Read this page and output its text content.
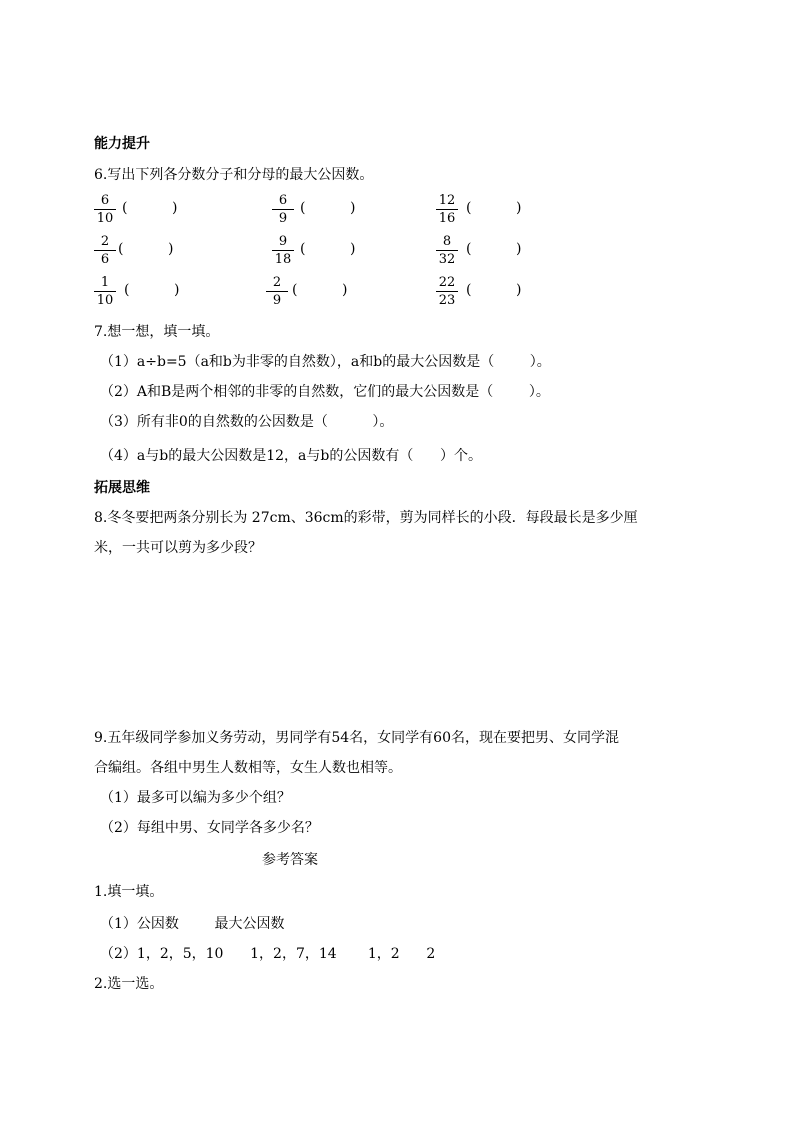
能力提升
6.写出下列各分数分子和分母的最大公因数。
$\frac{6}{10}$ (          )	$\frac{6}{9}$ (          )	$\frac{12}{16}$ (          )
$\frac{2}{6}$ (          )	$\frac{9}{18}$ (          )	$\frac{8}{32}$ (          )
$\frac{1}{10}$ (          )	$\frac{2}{9}$ (          )	$\frac{22}{23}$ (          )
7.想一想，填一填。
（1）a÷b=5（a和b为非零的自然数），a和b的最大公因数是（        ）。
（2）A和B是两个相邻的非零的自然数，它们的最大公因数是（        ）。
（3）所有非0的自然数的公因数是（          ）。
（4）a与b的最大公因数是12，a与b的公因数有（      ）个。
拓展思维
8.冬冬要把两条分别长为 27cm、36cm的彩带，剪为同样长的小段．每段最长是多少厘
米，一共可以剪为多少段？
9.五年级同学参加义务劳动，男同学有54名，女同学有60名，现在要把男、女同学混
合编组。各组中男生人数相等，女生人数也相等。
（1）最多可以编为多少个组？
（2）每组中男、女同学各多少名？
参考答案
1.填一填。
（1）公因数        最大公因数
（2）1，2，5，10      1，2，7，14       1，2      2
2.选一选。
